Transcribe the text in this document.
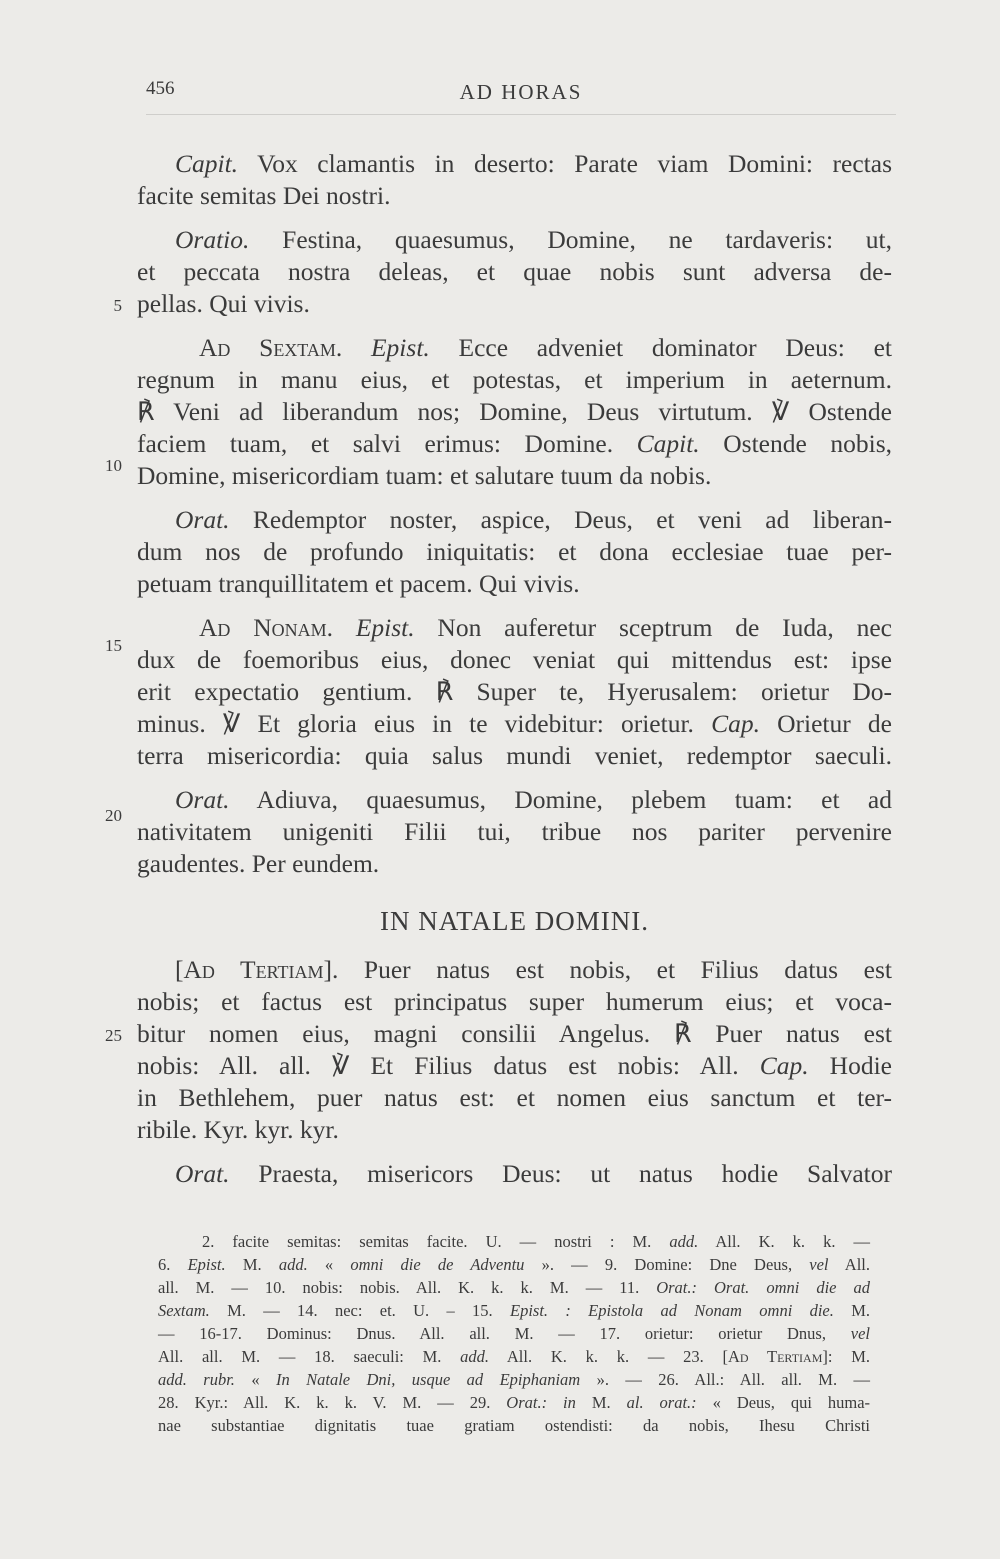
456	AD HORAS
5
10
15
20
25
Capit. Vox clamantis in deserto: Parate viam Domini: rectas
facite semitas Dei nostri.
Oratio. Festina, quaesumus, Domine, ne tardaveris: ut,
et peccata nostra deleas, et quae nobis sunt adversa de-
pellas. Qui vivis.
Ad Sextam. Epist. Ecce adveniet dominator Deus: et
regnum in manu eius, et potestas, et imperium in aeternum.
℟ Veni ad liberandum nos; Domine, Deus virtutum. ℣ Ostende
faciem tuam, et salvi erimus: Domine. Capit. Ostende nobis,
Domine, misericordiam tuam: et salutare tuum da nobis.
Orat. Redemptor noster, aspice, Deus, et veni ad liberan-
dum nos de profundo iniquitatis: et dona ecclesiae tuae per-
petuam tranquillitatem et pacem. Qui vivis.
Ad Nonam. Epist. Non auferetur sceptrum de Iuda, nec
dux de foemoribus eius, donec veniat qui mittendus est: ipse
erit expectatio gentium. ℟ Super te, Hyerusalem: orietur Do-
minus. ℣ Et gloria eius in te videbitur: orietur. Cap. Orietur de
terra misericordia: quia salus mundi veniet, redemptor saeculi.
Orat. Adiuva, quaesumus, Domine, plebem tuam: et ad
nativitatem unigeniti Filii tui, tribue nos pariter pervenire
gaudentes. Per eundem.
IN NATALE DOMINI.
[Ad Tertiam]. Puer natus est nobis, et Filius datus est
nobis; et factus est principatus super humerum eius; et voca-
bitur nomen eius, magni consilii Angelus. ℟ Puer natus est
nobis: All. all. ℣ Et Filius datus est nobis: All. Cap. Hodie
in Bethlehem, puer natus est: et nomen eius sanctum et ter-
ribile. Kyr. kyr. kyr.
Orat. Praesta, misericors Deus: ut natus hodie Salvator
2. facite semitas: semitas facite. U. — nostri : M. add. All. K. k. k. —
6. Epist. M. add. « omni die de Adventu ». — 9. Domine: Dne Deus, vel All.
all. M. — 10. nobis: nobis. All. K. k. k. M. — 11. Orat.: Orat. omni die ad
Sextam. M. — 14. nec: et. U. – 15. Epist. : Epistola ad Nonam omni die. M.
— 16-17. Dominus: Dnus. All. all. M. — 17. orietur: orietur Dnus, vel
All. all. M. — 18. saeculi: M. add. All. K. k. k. — 23. [Ad Tertiam]: M.
add. rubr. « In Natale Dni, usque ad Epiphaniam ». — 26. All.: All. all. M. —
28. Kyr.: All. K. k. k. V. M. — 29. Orat.: in M. al. orat.: « Deus, qui huma-
nae substantiae dignitatis tuae gratiam ostendisti: da nobis, Ihesu Christi
